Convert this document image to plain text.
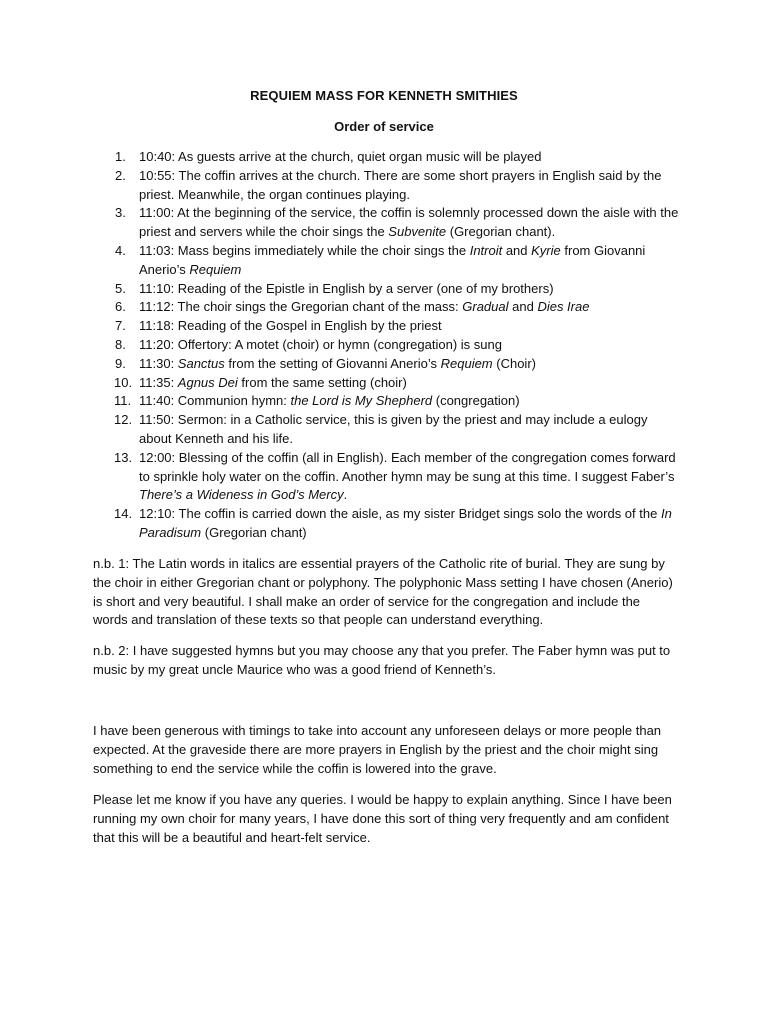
REQUIEM MASS FOR KENNETH SMITHIES
Order of service
1.	10:40: As guests arrive at the church, quiet organ music will be played
2.	10:55: The coffin arrives at the church. There are some short prayers in English said by the priest. Meanwhile, the organ continues playing.
3.	11:00: At the beginning of the service, the coffin is solemnly processed down the aisle with the priest and servers while the choir sings the Subvenite (Gregorian chant).
4.	11:03: Mass begins immediately while the choir sings the Introit and Kyrie from Giovanni Anerio’s Requiem
5.	11:10: Reading of the Epistle in English by a server (one of my brothers)
6.	11:12: The choir sings the Gregorian chant of the mass: Gradual and Dies Irae
7.	11:18: Reading of the Gospel in English by the priest
8.	11:20: Offertory: A motet (choir) or hymn (congregation) is sung
9.	11:30: Sanctus from the setting of Giovanni Anerio’s Requiem (Choir)
10. 11:35: Agnus Dei from the same setting (choir)
11. 11:40: Communion hymn: the Lord is My Shepherd (congregation)
12. 11:50: Sermon: in a Catholic service, this is given by the priest and may include a eulogy about Kenneth and his life.
13. 12:00: Blessing of the coffin (all in English). Each member of the congregation comes forward to sprinkle holy water on the coffin. Another hymn may be sung at this time. I suggest Faber’s There’s a Wideness in God’s Mercy.
14. 12:10: The coffin is carried down the aisle, as my sister Bridget sings solo the words of the In Paradisum (Gregorian chant)

n.b. 1: The Latin words in italics are essential prayers of the Catholic rite of burial. They are sung by the choir in either Gregorian chant or polyphony. The polyphonic Mass setting I have chosen (Anerio) is short and very beautiful. I shall make an order of service for the congregation and include the words and translation of these texts so that people can understand everything.

n.b. 2: I have suggested hymns but you may choose any that you prefer. The Faber hymn was put to music by my great uncle Maurice who was a good friend of Kenneth’s.

I have been generous with timings to take into account any unforeseen delays or more people than expected. At the graveside there are more prayers in English by the priest and the choir might sing something to end the service while the coffin is lowered into the grave.

Please let me know if you have any queries. I would be happy to explain anything. Since I have been running my own choir for many years, I have done this sort of thing very frequently and am confident that this will be a beautiful and heart-felt service.
